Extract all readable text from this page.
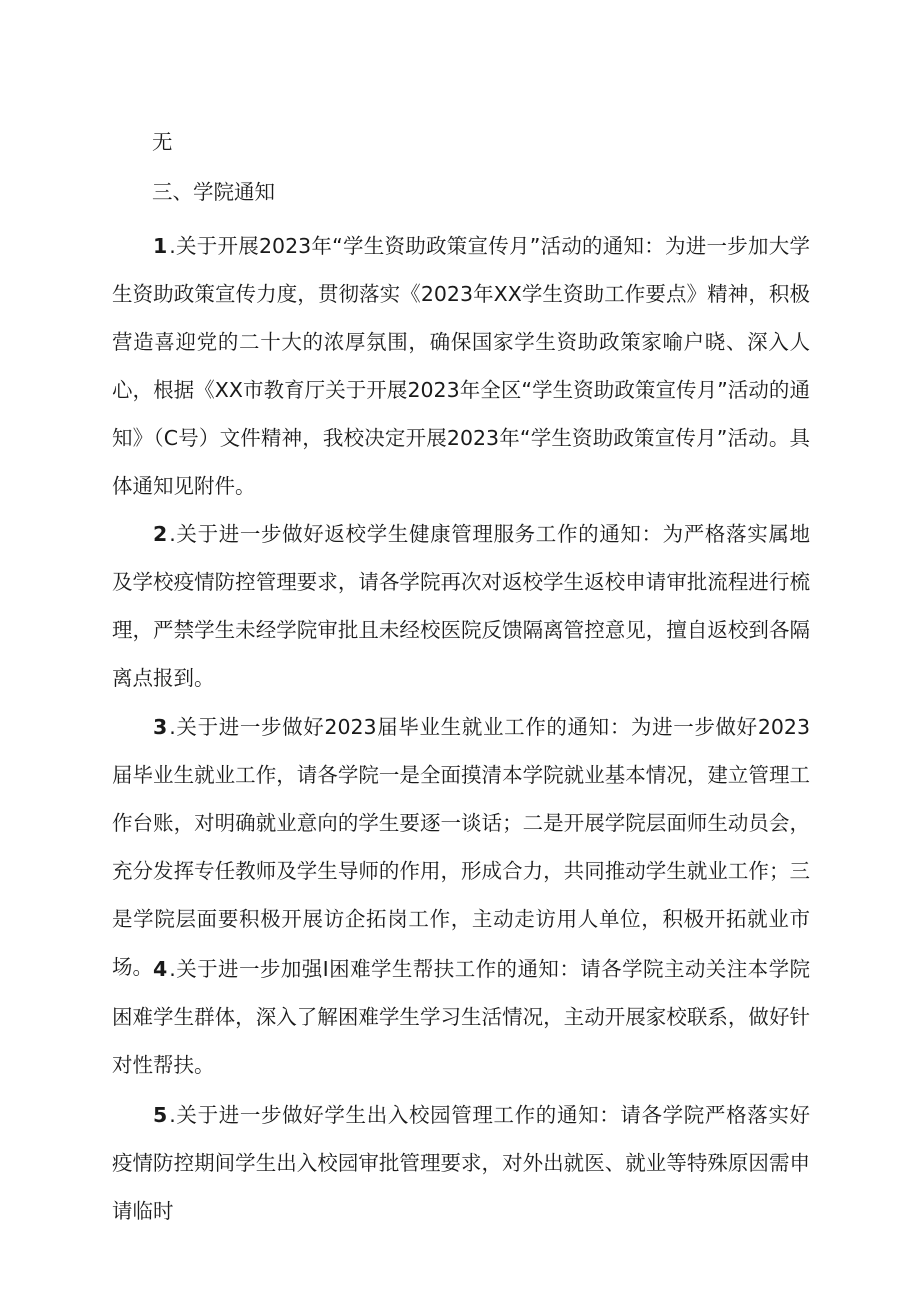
无
三、学院通知
1.关于开展2023年“学生资助政策宣传月”活动的通知：为进一步加大学生资助政策宣传力度，贯彻落实《2023年XX学生资助工作要点》精神，积极营造喜迎党的二十大的浓厚氛围，确保国家学生资助政策家喻户晓、深入人心，根据《XX市教育厅关于开展2023年全区“学生资助政策宣传月”活动的通知》（C号）文件精神，我校决定开展2023年“学生资助政策宣传月”活动。具体通知见附件。
2.关于进一步做好返校学生健康管理服务工作的通知：为严格落实属地及学校疫情防控管理要求，请各学院再次对返校学生返校申请审批流程进行梳理，严禁学生未经学院审批且未经校医院反馈隔离管控意见，擅自返校到各隔离点报到。
3.关于进一步做好2023届毕业生就业工作的通知：为进一步做好2023届毕业生就业工作，请各学院一是全面摸清本学院就业基本情况，建立管理工作台账，对明确就业意向的学生要逐一谈话；二是开展学院层面师生动员会，充分发挥专任教师及学生导师的作用，形成合力，共同推动学生就业工作；三是学院层面要积极开展访企拓岗工作，主动走访用人单位，积极开拓就业市场。 4.关于进一步加强I困难学生帮扶工作的通知：请各学院主动关注本学院困难学生群体，深入了解困难学生学习生活情况，主动开展家校联系，做好针对性帮扶。
5.关于进一步做好学生出入校园管理工作的通知：请各学院严格落实好疫情防控期间学生出入校园审批管理要求，对外出就医、就业等特殊原因需申请临时
